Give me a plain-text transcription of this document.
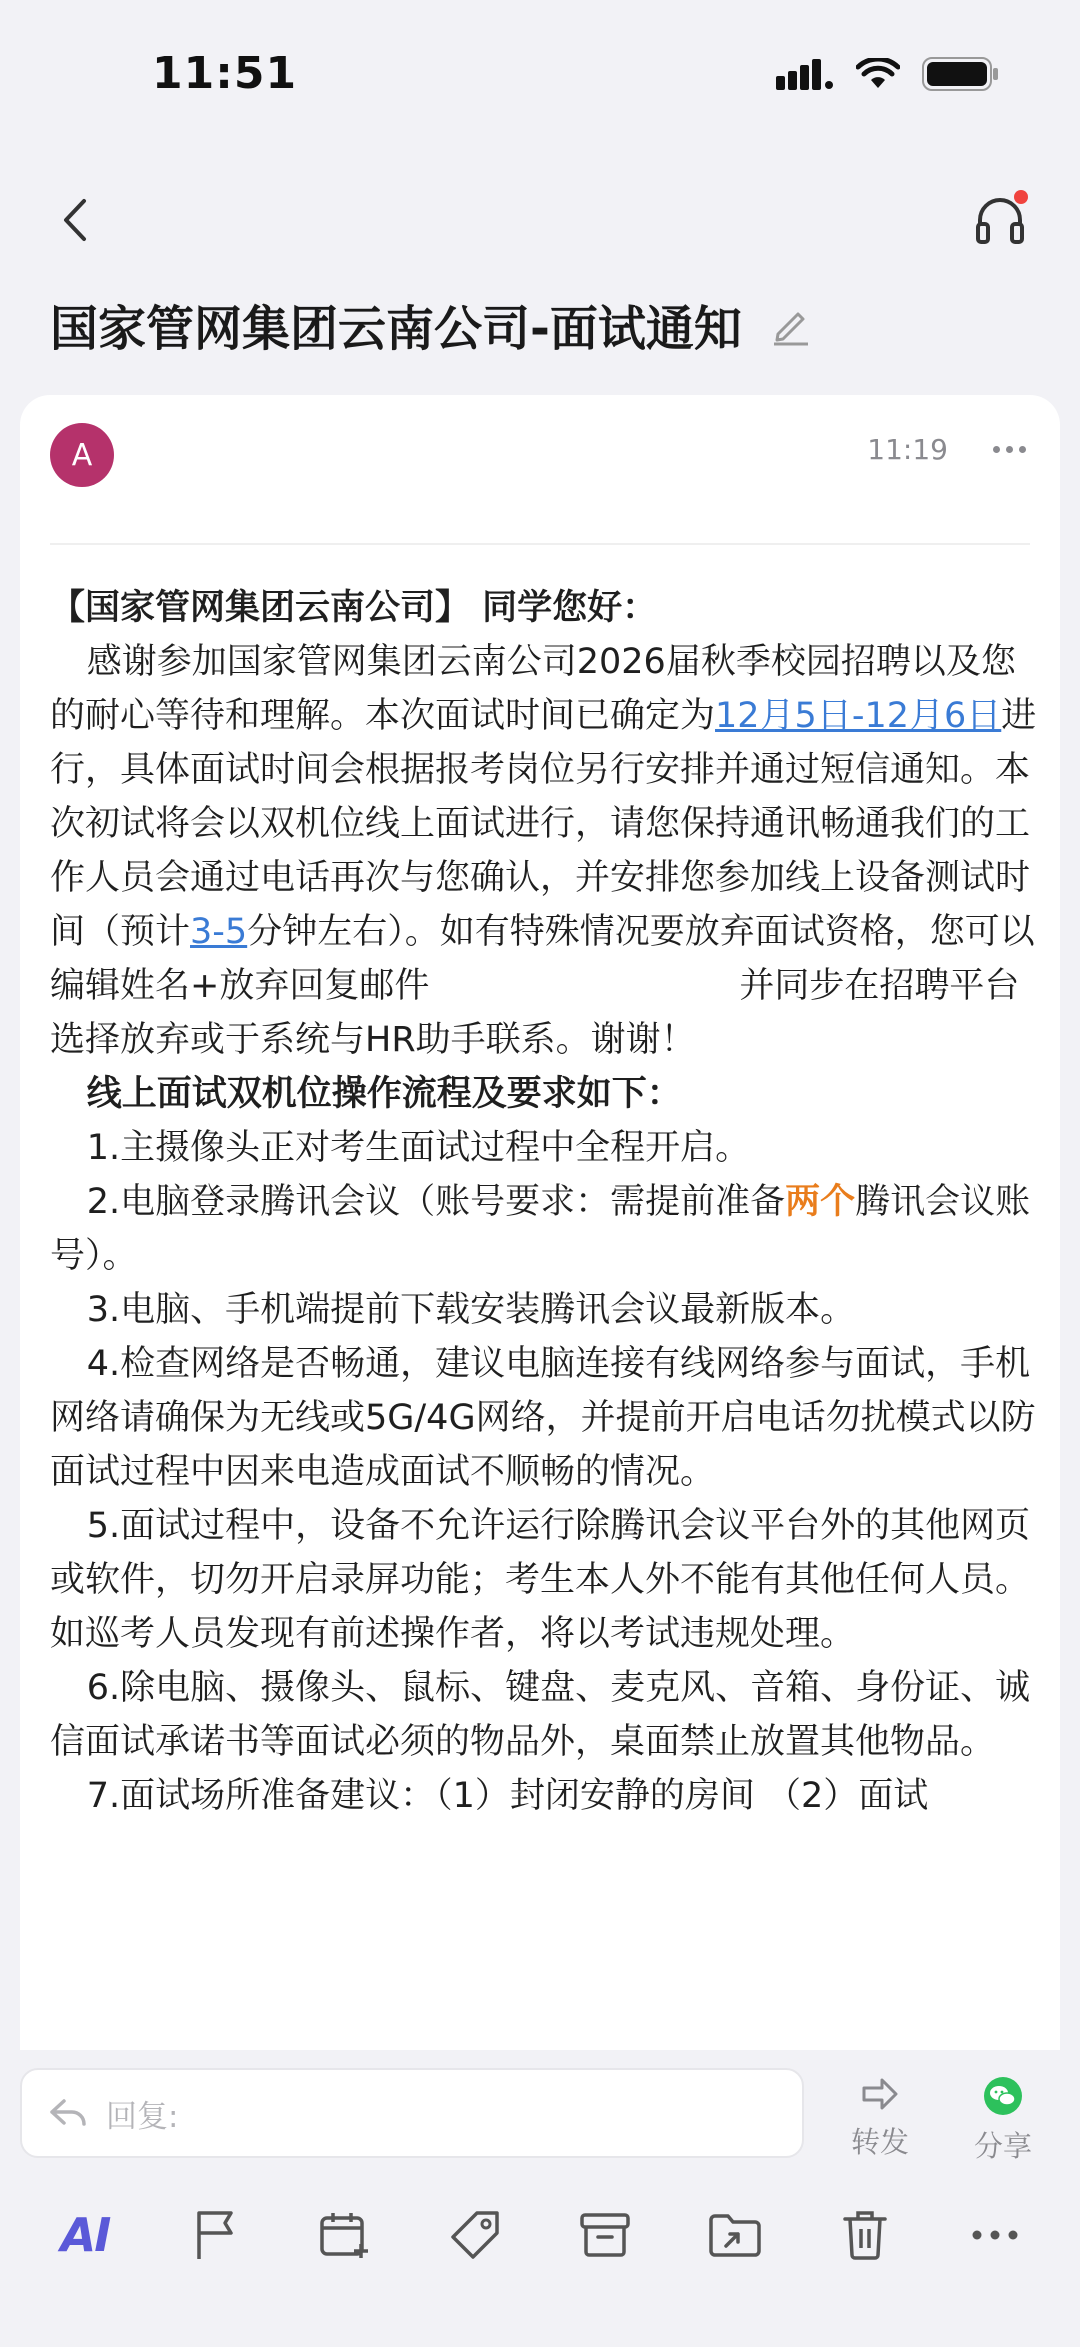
11:51
国家管网集团云南公司-面试通知
A	11:19

【国家管网集团云南公司】 同学您好：

感谢参加国家管网集团云南公司2026届秋季校园招聘以及您的耐心等待和理解。本次面试时间已确定为12月5日-12月6日进行，具体面试时间会根据报考岗位另行安排并通过短信通知。本次初试将会以双机位线上面试进行，请您保持通讯畅通我们的工作人员会通过电话再次与您确认，并安排您参加线上设备测试时间（预计3-5分钟左右）。如有特殊情况要放弃面试资格，您可以编辑姓名+放弃回复邮件	并同步在招聘平台选择放弃或于系统与HR助手联系。谢谢！

线上面试双机位操作流程及要求如下：

1.主摄像头正对考生面试过程中全程开启。

2.电脑登录腾讯会议（账号要求：需提前准备两个腾讯会议账号）。

3.电脑、手机端提前下载安装腾讯会议最新版本。

4.检查网络是否畅通，建议电脑连接有线网络参与面试，手机网络请确保为无线或5G/4G网络，并提前开启电话勿扰模式以防面试过程中因来电造成面试不顺畅的情况。

5.面试过程中，设备不允许运行除腾讯会议平台外的其他网页或软件，切勿开启录屏功能；考生本人外不能有其他任何人员。如巡考人员发现有前述操作者，将以考试违规处理。

6.除电脑、摄像头、鼠标、键盘、麦克风、音箱、身份证、诚信面试承诺书等面试必须的物品外，桌面禁止放置其他物品。

7.面试场所准备建议：（1）封闭安静的房间 （2）面试

回复:
转发 分享
AI
